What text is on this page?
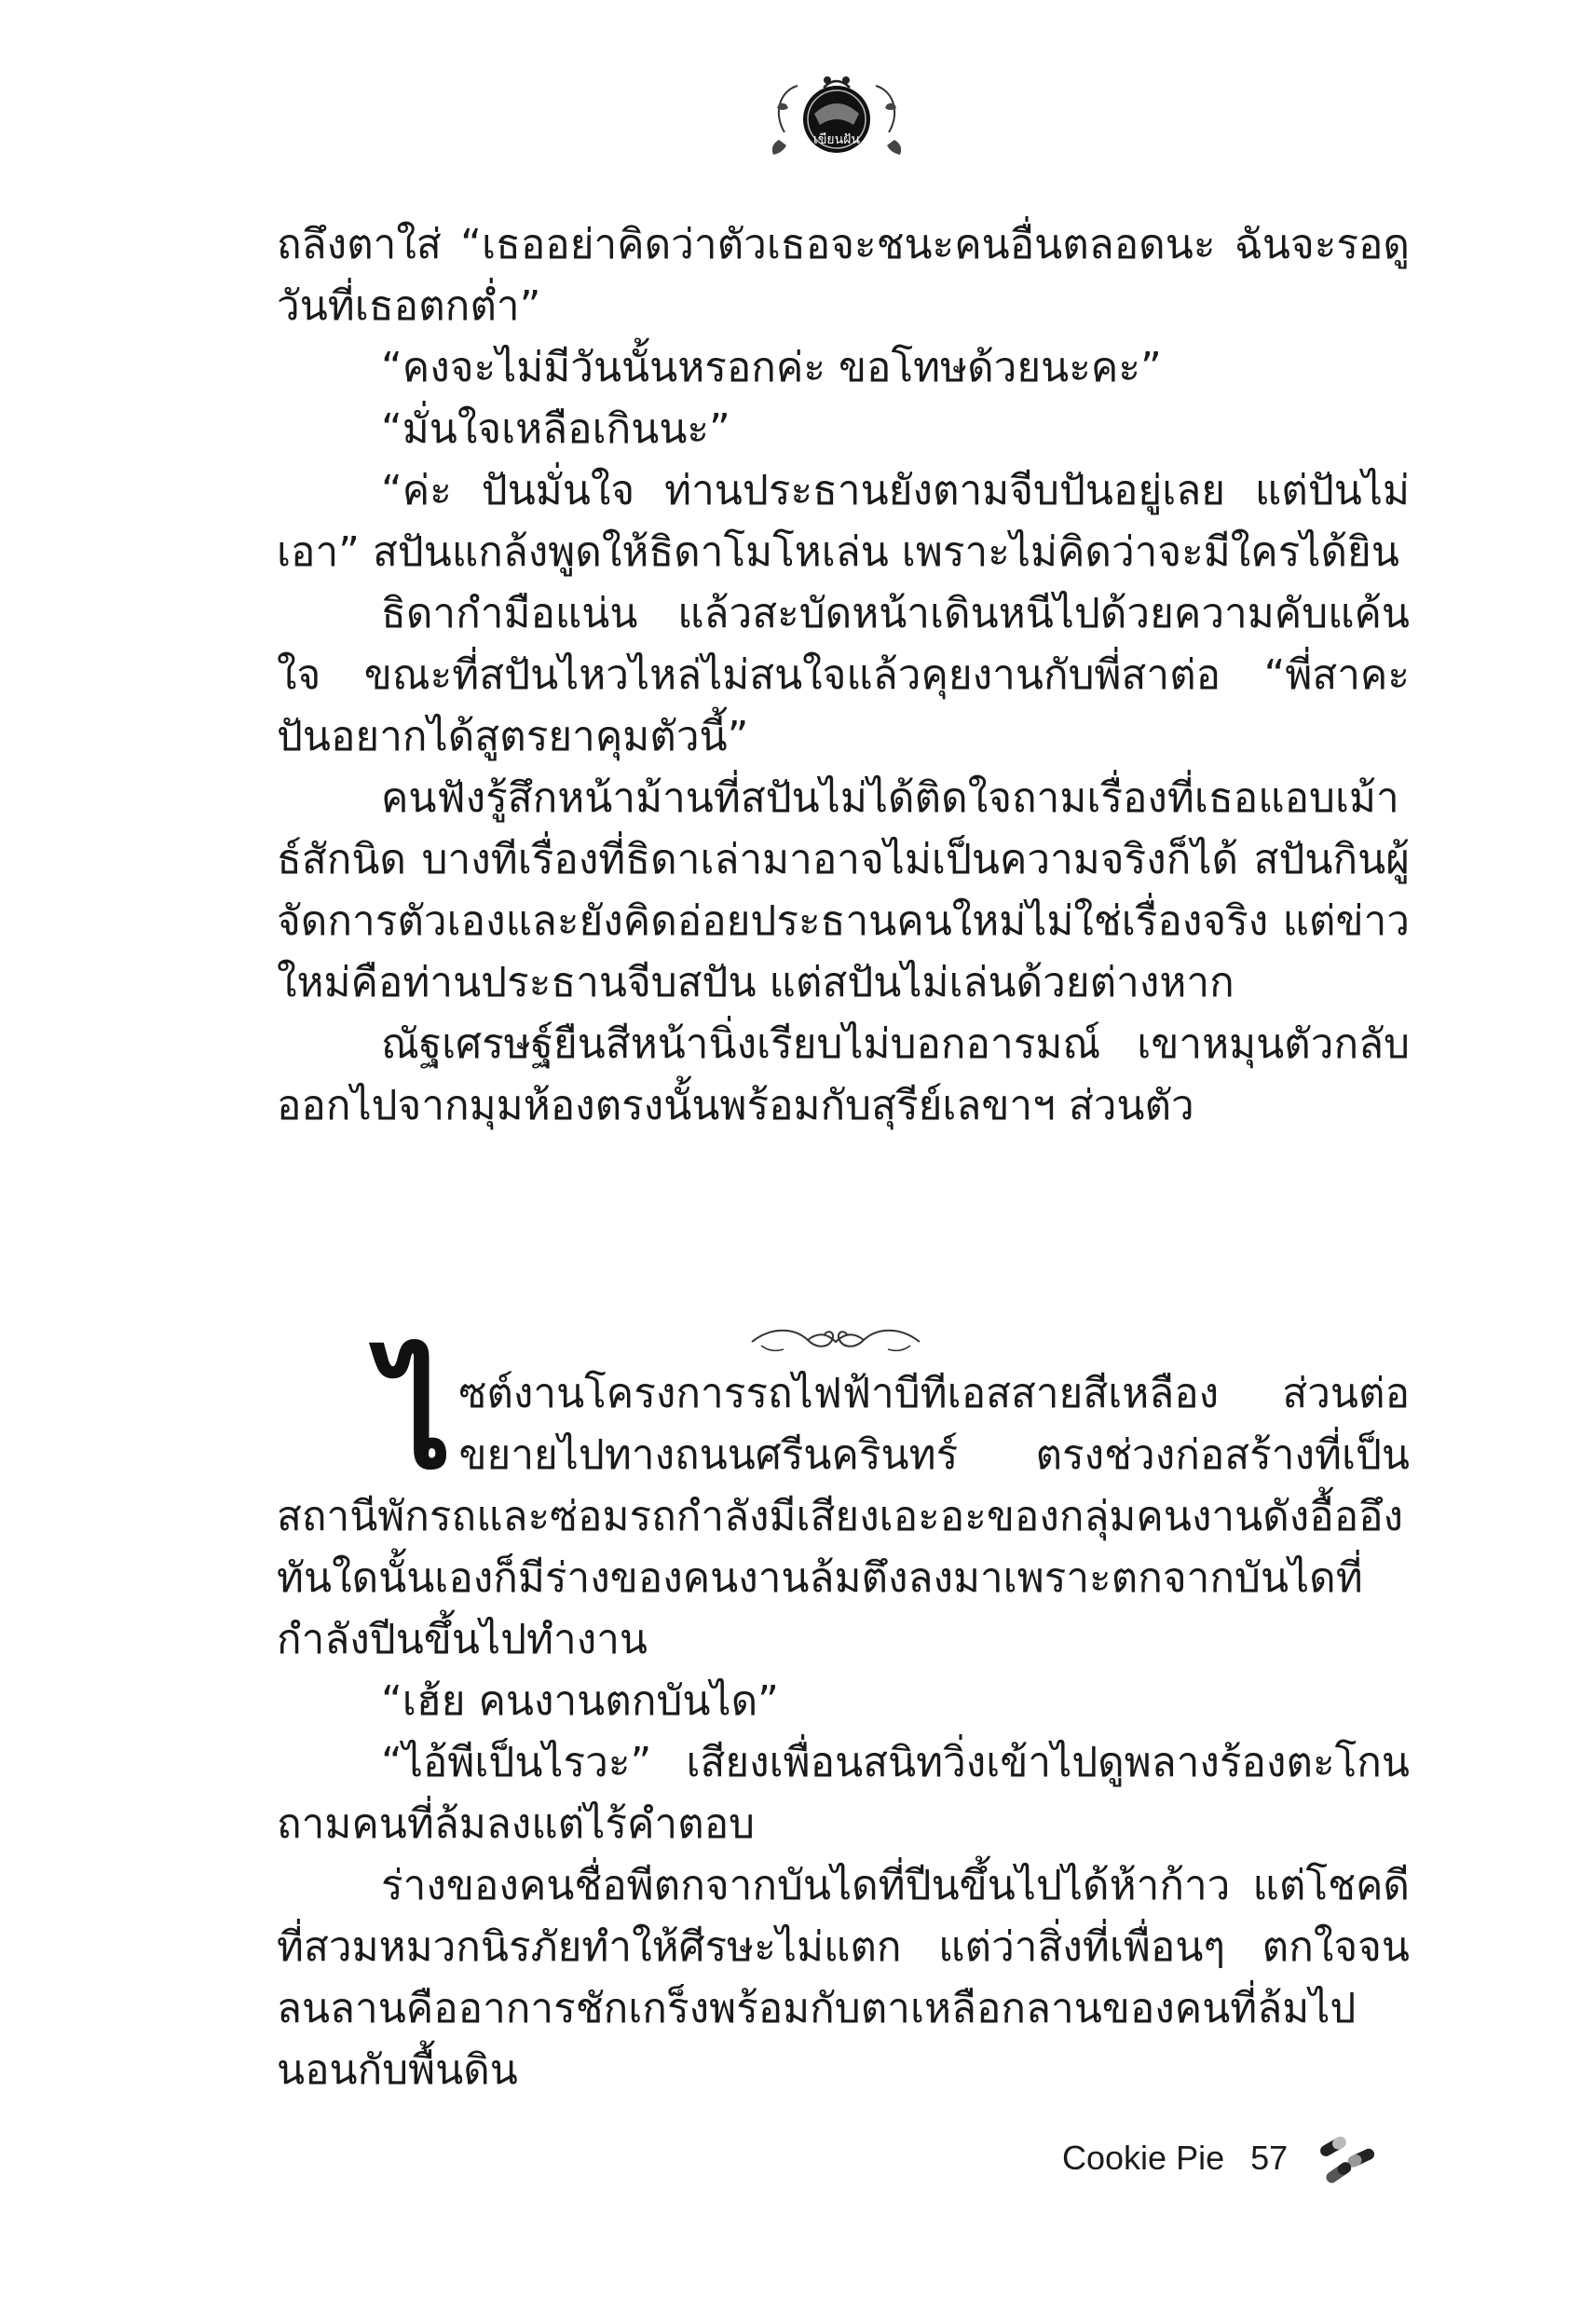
เขียนฝัน

ถลึงตาใส่ “เธออย่าคิดว่าตัวเธอจะชนะคนอื่นตลอดนะ ฉันจะรอดูวันที่เธอตกต่ำ”

“คงจะไม่มีวันนั้นหรอกค่ะ ขอโทษด้วยนะคะ”

“มั่นใจเหลือเกินนะ”

“ค่ะ ปันมั่นใจ ท่านประธานยังตามจีบปันอยู่เลย แต่ปันไม่เอา” สปันแกล้งพูดให้ธิดาโมโหเล่น เพราะไม่คิดว่าจะมีใครได้ยิน

ธิดากำมือแน่น แล้วสะบัดหน้าเดินหนีไปด้วยความคับแค้นใจ ขณะที่สปันไหวไหล่ไม่สนใจแล้วคุยงานกับพี่สาต่อ “พี่สาคะ ปันอยากได้สูตรยาคุมตัวนี้”

คนฟังรู้สึกหน้าม้านที่สปันไม่ได้ติดใจถามเรื่องที่เธอแอบเม้าธ์สักนิด บางทีเรื่องที่ธิดาเล่ามาอาจไม่เป็นความจริงก็ได้ สปันกินผู้จัดการตัวเองและยังคิดอ่อยประธานคนใหม่ไม่ใช่เรื่องจริง แต่ข่าวใหม่คือท่านประธานจีบสปัน แต่สปันไม่เล่นด้วยต่างหาก

ณัฐเศรษฐ์ยืนสีหน้านิ่งเรียบไม่บอกอารมณ์ เขาหมุนตัวกลับออกไปจากมุมห้องตรงนั้นพร้อมกับสุรีย์เลขาฯ ส่วนตัว

ไซต์งานโครงการรถไฟฟ้าบีทีเอสสายสีเหลือง ส่วนต่อขยายไปทางถนนศรีนครินทร์ ตรงช่วงก่อสร้างที่เป็นสถานีพักรถและซ่อมรถกำลังมีเสียงเอะอะของกลุ่มคนงานดังอื้ออึง ทันใดนั้นเองก็มีร่างของคนงานล้มตึงลงมาเพราะตกจากบันไดที่กำลังปีนขึ้นไปทำงาน

“เฮ้ย คนงานตกบันได”

“ไอ้พีเป็นไรวะ” เสียงเพื่อนสนิทวิ่งเข้าไปดูพลางร้องตะโกนถามคนที่ล้มลงแต่ไร้คำตอบ

ร่างของคนชื่อพีตกจากบันไดที่ปีนขึ้นไปได้ห้าก้าว แต่โชคดีที่สวมหมวกนิรภัยทำให้ศีรษะไม่แตก แต่ว่าสิ่งที่เพื่อนๆ ตกใจจนลนลานคืออาการชักเกร็งพร้อมกับตาเหลือกลานของคนที่ล้มไปนอนกับพื้นดิน

Cookie Pie 57
